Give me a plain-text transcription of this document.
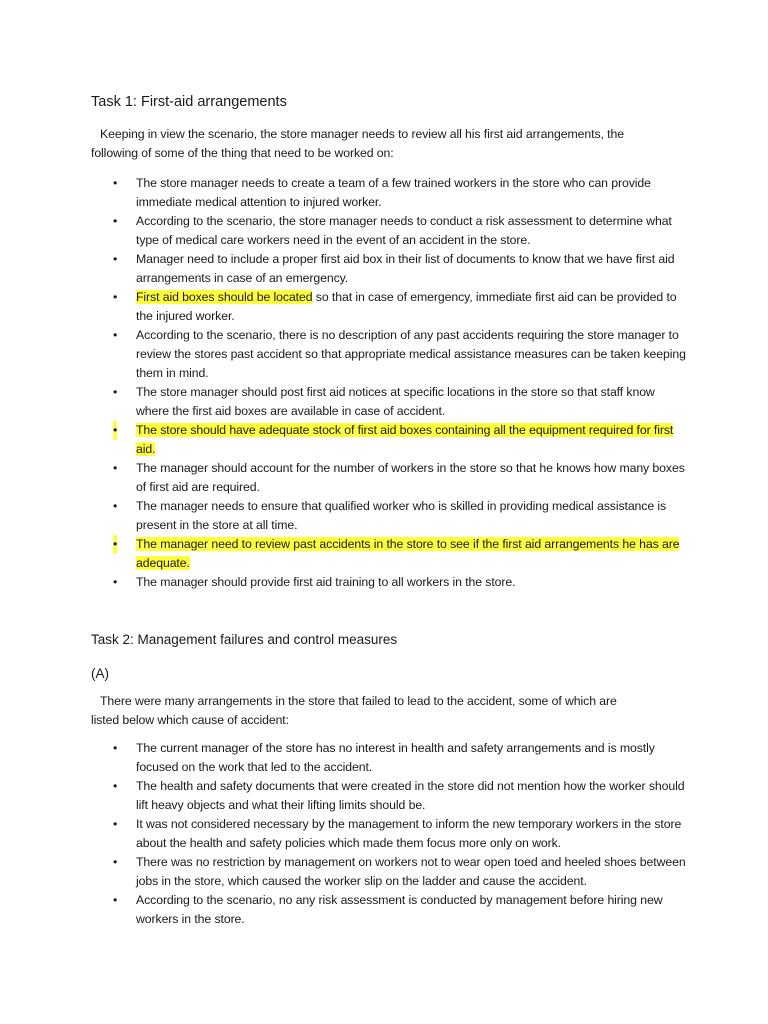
Task 1: First-aid arrangements
Keeping in view the scenario, the store manager needs to review all his first aid arrangements, the
following of some of the thing that need to be worked on:
• The store manager needs to create a team of a few trained workers in the store who can provide immediate medical attention to injured worker.
• According to the scenario, the store manager needs to conduct a risk assessment to determine what type of medical care workers need in the event of an accident in the store.
• Manager need to include a proper first aid box in their list of documents to know that we have first aid arrangements in case of an emergency.
• First aid boxes should be located so that in case of emergency, immediate first aid can be provided to the injured worker.
• According to the scenario, there is no description of any past accidents requiring the store manager to review the stores past accident so that appropriate medical assistance measures can be taken keeping them in mind.
• The store manager should post first aid notices at specific locations in the store so that staff know where the first aid boxes are available in case of accident.
• The store should have adequate stock of first aid boxes containing all the equipment required for first aid.
• The manager should account for the number of workers in the store so that he knows how many boxes of first aid are required.
• The manager needs to ensure that qualified worker who is skilled in providing medical assistance is present in the store at all time.
• The manager need to review past accidents in the store to see if the first aid arrangements he has are adequate.
• The manager should provide first aid training to all workers in the store.
Task 2: Management failures and control measures
(A)
There were many arrangements in the store that failed to lead to the accident, some of which are
listed below which cause of accident:
• The current manager of the store has no interest in health and safety arrangements and is mostly focused on the work that led to the accident.
• The health and safety documents that were created in the store did not mention how the worker should lift heavy objects and what their lifting limits should be.
• It was not considered necessary by the management to inform the new temporary workers in the store about the health and safety policies which made them focus more only on work.
• There was no restriction by management on workers not to wear open toed and heeled shoes between jobs in the store, which caused the worker slip on the ladder and cause the accident.
• According to the scenario, no any risk assessment is conducted by management before hiring new workers in the store.
